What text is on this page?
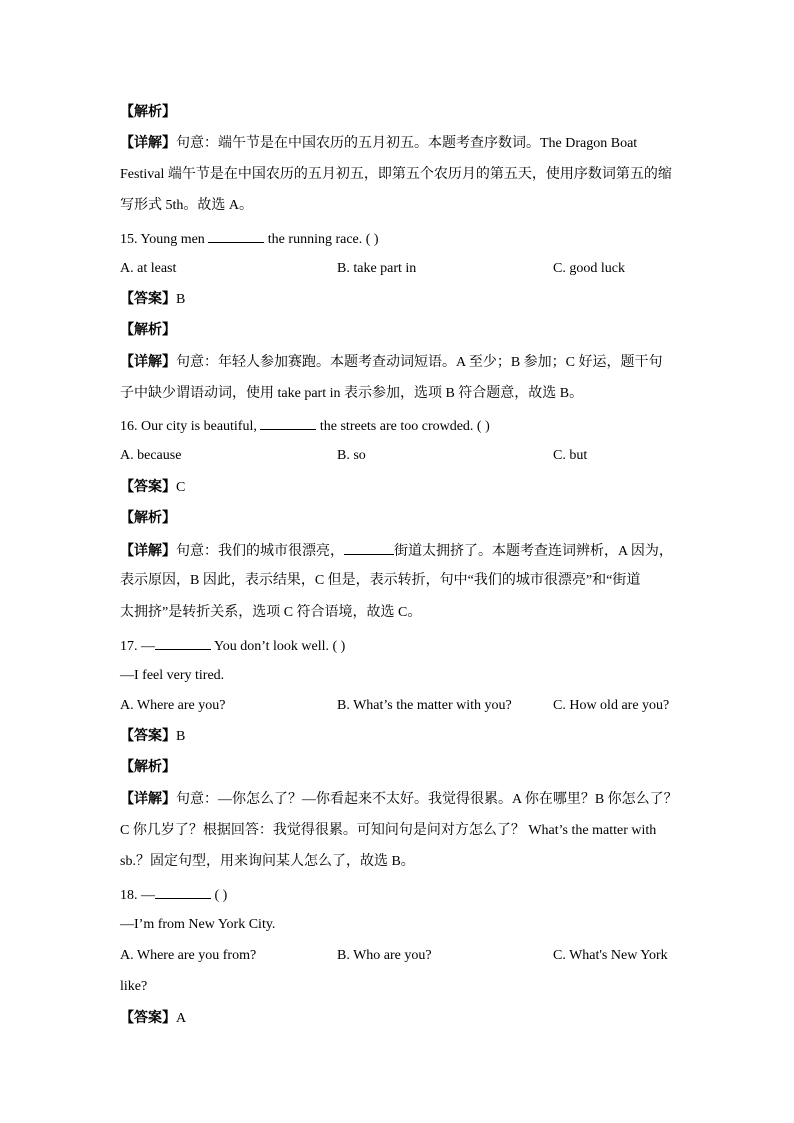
【解析】
【详解】句意：端午节是在中国农历的五月初五。本题考查序数词。The Dragon Boat
Festival 端午节是在中国农历的五月初五，即第五个农历月的第五天，使用序数词第五的缩
写形式 5th。故选 A。
15. Young men	the running race. ( )
A. at least	B. take part in	C. good luck
【答案】B
【解析】
【详解】句意：年轻人参加赛跑。本题考查动词短语。A 至少；B 参加；C 好运，题干句
子中缺少谓语动词，使用 take part in 表示参加，选项 B 符合题意，故选 B。
16. Our city is beautiful,	the streets are too crowded. ( )
A. because	B. so	C. but
【答案】C
【解析】
【详解】句意：我们的城市很漂亮，	街道太拥挤了。本题考查连词辨析，A 因为，
表示原因，B 因此，表示结果，C 但是，表示转折，句中“我们的城市很漂亮”和“街道
太拥挤”是转折关系，选项 C 符合语境，故选 C。
17. —	You don’t look well. ( )
—I feel very tired.
A. Where are you?	B. What’s the matter with you?	C. How old are you?
【答案】B
【解析】
【详解】句意：—你怎么了？—你看起来不太好。我觉得很累。A 你在哪里？B 你怎么了？
C 你几岁了？根据回答：我觉得很累。可知问句是问对方怎么了？ What’s the matter with
sb.？固定句型，用来询问某人怎么了，故选 B。
18. —	( )
—I’m from New York City.
A. Where are you from?	B. Who are you?	C. What's New York
like?
【答案】A
